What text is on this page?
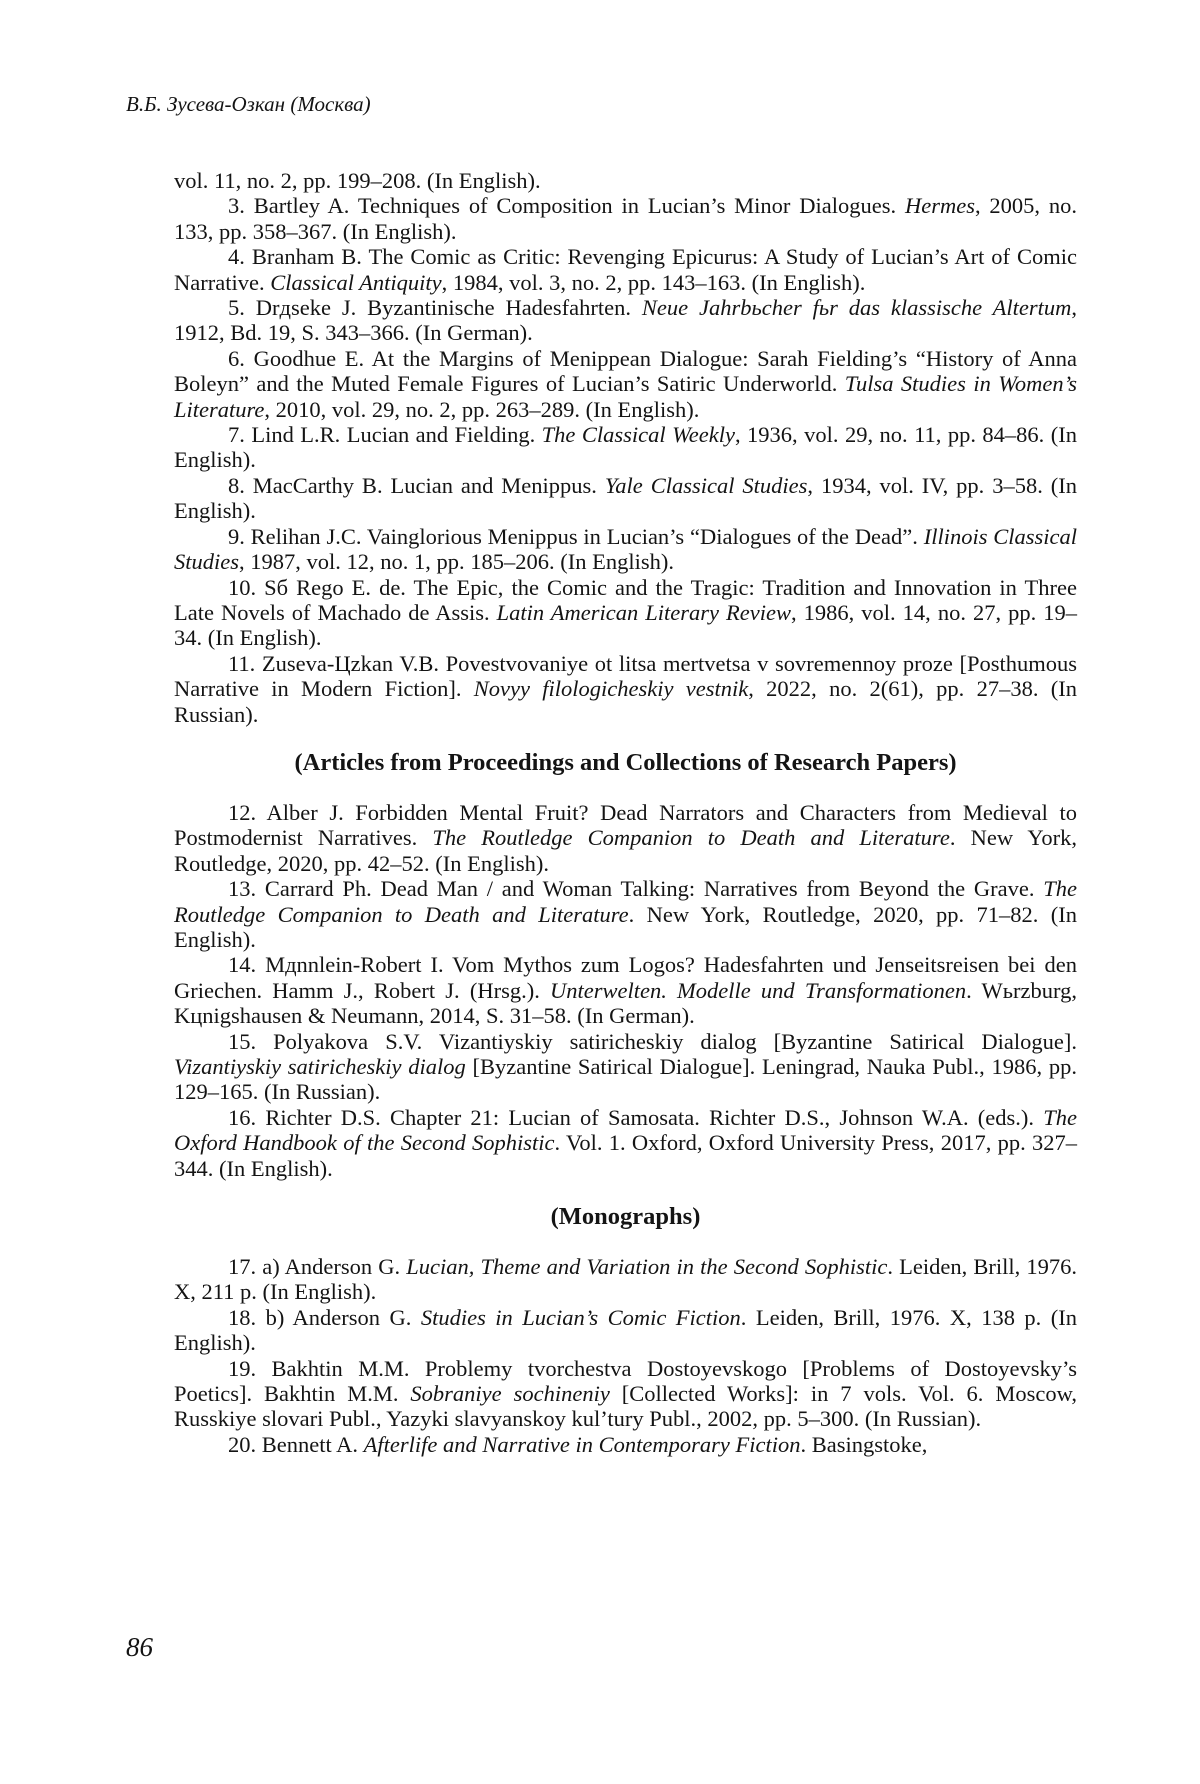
В.Б. Зусева-Озкан (Москва)

vol. 11, no. 2, pp. 199–208. (In English).

3. Bartley A. Techniques of Composition in Lucian’s Minor Dialogues. Hermes, 2005, no. 133, pp. 358–367. (In English).

4. Branham B. The Comic as Critic: Revenging Epicurus: A Study of Lucian’s Art of Comic Narrative. Classical Antiquity, 1984, vol. 3, no. 2, pp. 143–163. (In English).

5. Drдseke J. Byzantinische Hadesfahrten. Neue Jahrbьcher fьr das klassische Altertum, 1912, Bd. 19, S. 343–366. (In German).

6. Goodhue E. At the Margins of Menippean Dialogue: Sarah Fielding’s “History of Anna Boleyn” and the Muted Female Figures of Lucian’s Satiric Underworld. Tulsa Studies in Women’s Literature, 2010, vol. 29, no. 2, pp. 263–289. (In English).

7. Lind L.R. Lucian and Fielding. The Classical Weekly, 1936, vol. 29, no. 11, pp. 84–86. (In English).

8. MacCarthy B. Lucian and Menippus. Yale Classical Studies, 1934, vol. IV, pp. 3–58. (In English).

9. Relihan J.C. Vainglorious Menippus in Lucian’s “Dialogues of the Dead”. Illinois Classical Studies, 1987, vol. 12, no. 1, pp. 185–206. (In English).

10. Sб Rego E. de. The Epic, the Comic and the Tragic: Tradition and Innovation in Three Late Novels of Machado de Assis. Latin American Literary Review, 1986, vol. 14, no. 27, pp. 19–34. (In English).

11. Zuseva-Цzkan V.B. Povestvovaniye ot litsa mertvetsa v sovremennoy proze [Posthumous Narrative in Modern Fiction]. Novyy filologicheskiy vestnik, 2022, no. 2(61), pp. 27–38. (In Russian).

(Articles from Proceedings and Collections of Research Papers)

12. Alber J. Forbidden Mental Fruit? Dead Narrators and Characters from Medieval to Postmodernist Narratives. The Routledge Companion to Death and Literature. New York, Routledge, 2020, pp. 42–52. (In English).

13. Carrard Ph. Dead Man / and Woman Talking: Narratives from Beyond the Grave. The Routledge Companion to Death and Literature. New York, Routledge, 2020, pp. 71–82. (In English).

14. Mдnnlein-Robert I. Vom Mythos zum Logos? Hadesfahrten und Jenseitsreisen bei den Griechen. Hamm J., Robert J. (Hrsg.). Unterwelten. Modelle und Transformationen. Wьrzburg, Kцnigshausen & Neumann, 2014, S. 31–58. (In German).

15. Polyakova S.V. Vizantiyskiy satiricheskiy dialog [Byzantine Satirical Dialogue]. Vizantiyskiy satiricheskiy dialog [Byzantine Satirical Dialogue]. Leningrad, Nauka Publ., 1986, pp. 129–165. (In Russian).

16. Richter D.S. Chapter 21: Lucian of Samosata. Richter D.S., Johnson W.A. (eds.). The Oxford Handbook of the Second Sophistic. Vol. 1. Oxford, Oxford University Press, 2017, pp. 327–344. (In English).

(Monographs)

17. a) Anderson G. Lucian, Theme and Variation in the Second Sophistic. Leiden, Brill, 1976. X, 211 p. (In English).

18. b) Anderson G. Studies in Lucian’s Comic Fiction. Leiden, Brill, 1976. X, 138 p. (In English).

19. Bakhtin M.M. Problemy tvorchestva Dostoyevskogo [Problems of Dostoyevsky’s Poetics]. Bakhtin M.M. Sobraniye sochineniy [Collected Works]: in 7 vols. Vol. 6. Moscow, Russkiye slovari Publ., Yazyki slavyanskoy kul’tury Publ., 2002, pp. 5–300. (In Russian).

20. Bennett A. Afterlife and Narrative in Contemporary Fiction. Basingstoke,

86
